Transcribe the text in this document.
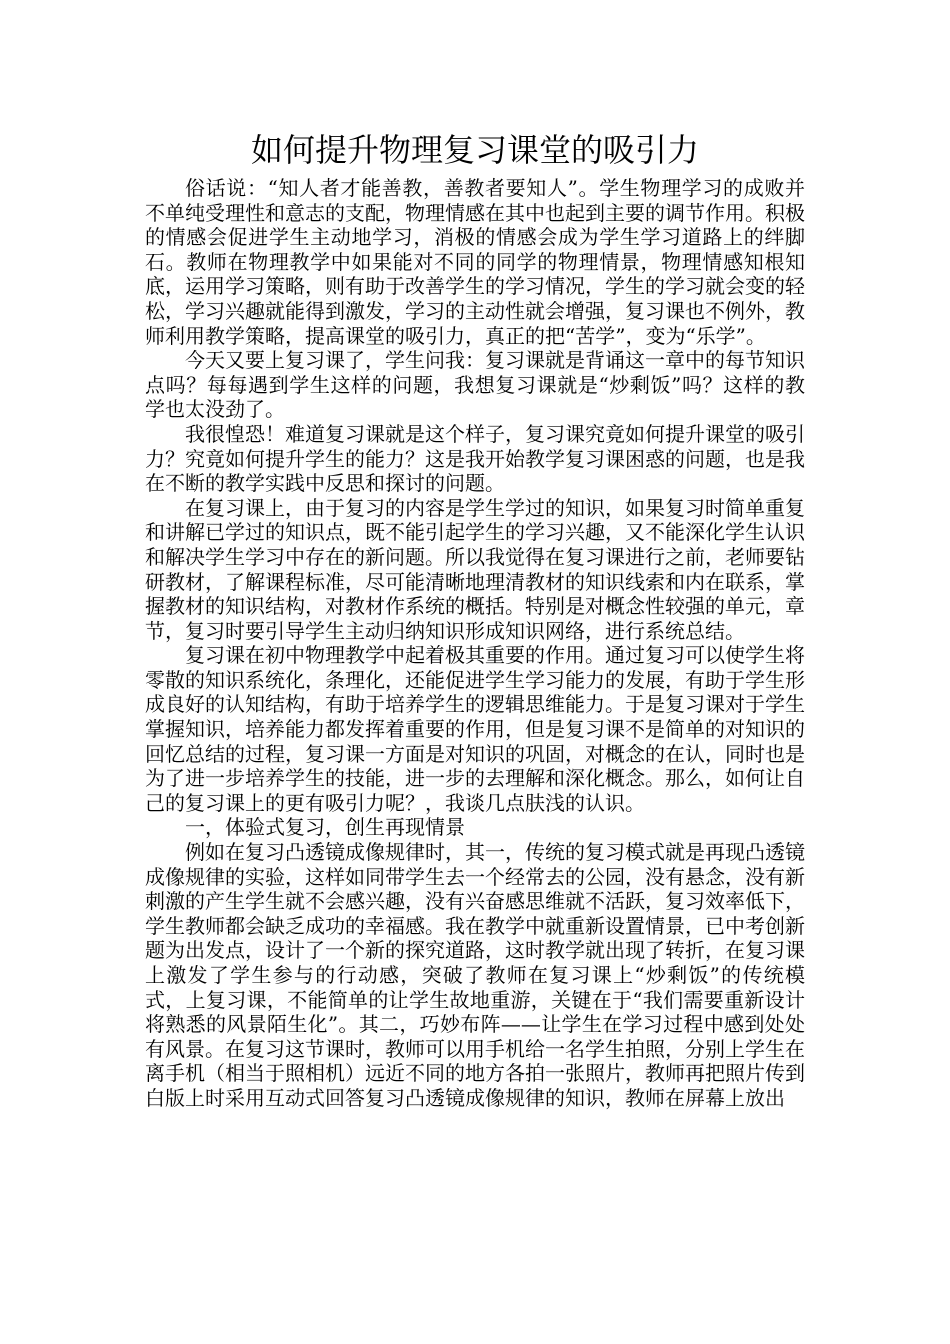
如何提升物理复习课堂的吸引力

俗话说：“知人者才能善教，善教者要知人”。学生物理学习的成败并不单纯受理性和意志的支配，物理情感在其中也起到主要的调节作用。积极的情感会促进学生主动地学习，消极的情感会成为学生学习道路上的绊脚石。教师在物理教学中如果能对不同的同学的物理情景，物理情感知根知底，运用学习策略，则有助于改善学生的学习情况，学生的学习就会变的轻松，学习兴趣就能得到激发，学习的主动性就会增强，复习课也不例外，教师利用教学策略，提高课堂的吸引力，真正的把“苦学”，变为“乐学”。

今天又要上复习课了，学生问我：复习课就是背诵这一章中的每节知识点吗？每每遇到学生这样的问题，我想复习课就是“炒剩饭”吗？这样的教学也太没劲了。

我很惶恐！难道复习课就是这个样子，复习课究竟如何提升课堂的吸引力？究竟如何提升学生的能力？这是我开始教学复习课困惑的问题，也是我在不断的教学实践中反思和探讨的问题。

在复习课上，由于复习的内容是学生学过的知识，如果复习时简单重复和讲解已学过的知识点，既不能引起学生的学习兴趣，又不能深化学生认识和解决学生学习中存在的新问题。所以我觉得在复习课进行之前，老师要钻研教材，了解课程标准，尽可能清晰地理清教材的知识线索和内在联系，掌握教材的知识结构，对教材作系统的概括。特别是对概念性较强的单元，章节，复习时要引导学生主动归纳知识形成知识网络，进行系统总结。

复习课在初中物理教学中起着极其重要的作用。通过复习可以使学生将零散的知识系统化，条理化，还能促进学生学习能力的发展，有助于学生形成良好的认知结构，有助于培养学生的逻辑思维能力。于是复习课对于学生掌握知识，培养能力都发挥着重要的作用，但是复习课不是简单的对知识的回忆总结的过程，复习课一方面是对知识的巩固，对概念的在认，同时也是为了进一步培养学生的技能，进一步的去理解和深化概念。那么，如何让自己的复习课上的更有吸引力呢？，我谈几点肤浅的认识。

一，体验式复习，创生再现情景

例如在复习凸透镜成像规律时，其一，传统的复习模式就是再现凸透镜成像规律的实验，这样如同带学生去一个经常去的公园，没有悬念，没有新刺激的产生学生就不会感兴趣，没有兴奋感思维就不活跃，复习效率低下，学生教师都会缺乏成功的幸福感。我在教学中就重新设置情景，已中考创新题为出发点，设计了一个新的探究道路，这时教学就出现了转折，在复习课上激发了学生参与的行动感，突破了教师在复习课上“炒剩饭”的传统模式，上复习课，不能简单的让学生故地重游，关键在于“我们需要重新设计将熟悉的风景陌生化”。其二，巧妙布阵——让学生在学习过程中感到处处有风景。在复习这节课时，教师可以用手机给一名学生拍照，分别上学生在离手机（相当于照相机）远近不同的地方各拍一张照片，教师再把照片传到白版上时采用互动式回答复习凸透镜成像规律的知识，教师在屏幕上放出
